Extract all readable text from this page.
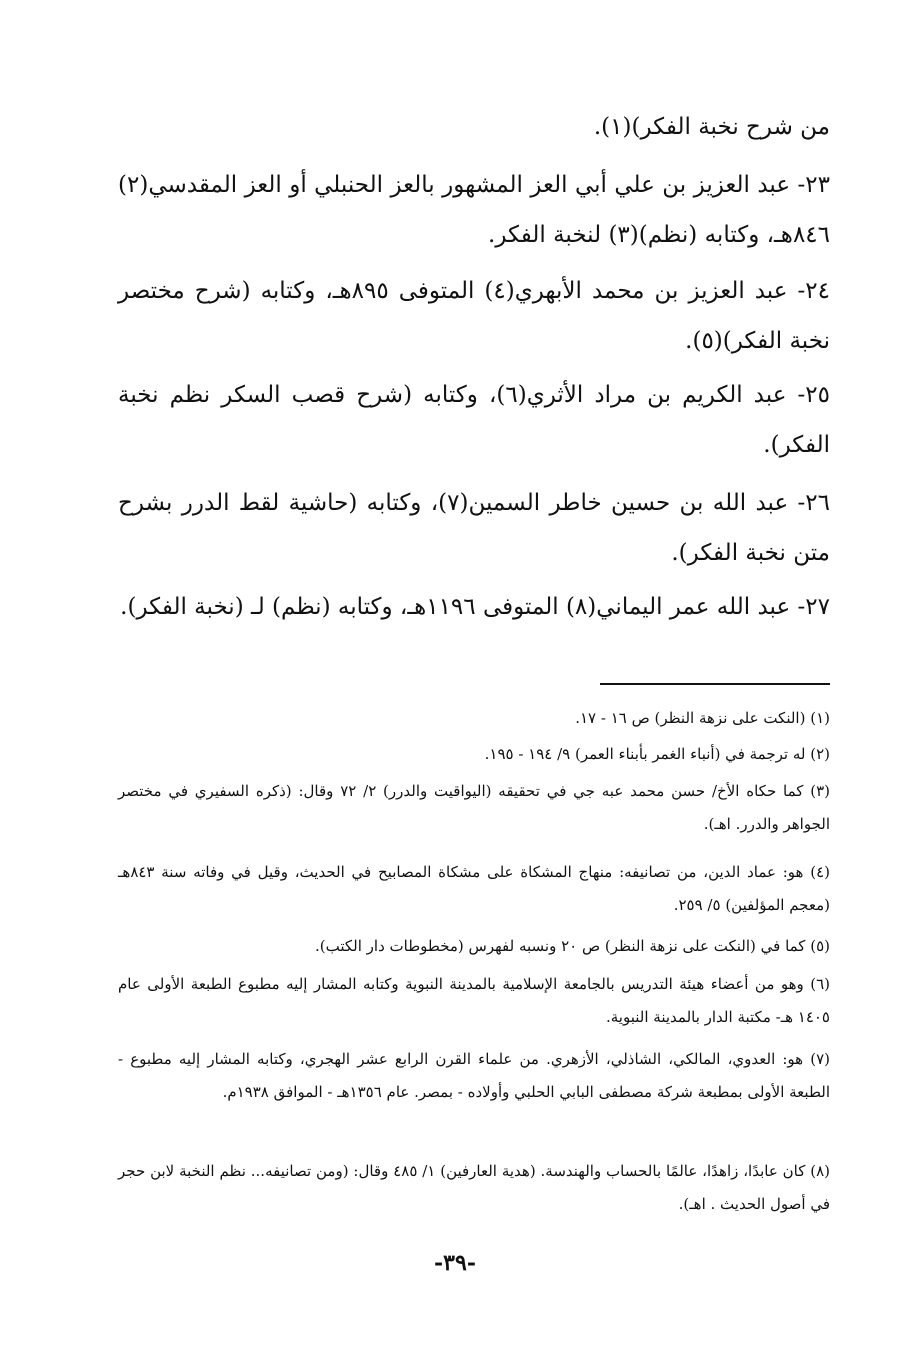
من شرح نخبة الفكر)(١).
٢٣- عبد العزيز بن علي أبي العز المشهور بالعز الحنبلي أو العز المقدسي(٢) ٨٤٦هـ، وكتابه (نظم)(٣) لنخبة الفكر.
٢٤- عبد العزيز بن محمد الأبهري(٤) المتوفى ٨٩٥هـ، وكتابه (شرح مختصر نخبة الفكر)(٥).
٢٥- عبد الكريم بن مراد الأثري(٦)، وكتابه (شرح قصب السكر نظم نخبة الفكر).
٢٦- عبد الله بن حسين خاطر السمين(٧)، وكتابه (حاشية لقط الدرر بشرح متن نخبة الفكر).
٢٧- عبد الله عمر اليماني(٨) المتوفى ١١٩٦هـ، وكتابه (نظم) لـ (نخبة الفكر).
(١) (النكت على نزهة النظر) ص ١٦ - ١٧.
(٢) له ترجمة في (أنباء الغمر بأبناء العمر) ٩/ ١٩٤ - ١٩٥.
(٣) كما حكاه الأخ/ حسن محمد عبه جي في تحقيقه (اليواقيت والدرر) ٢/ ٧٢ وقال: (ذكره السفيري في مختصر الجواهر والدرر. اهـ).
(٤) هو: عماد الدين، من تصانيفه: منهاج المشكاة على مشكاة المصابيح في الحديث، وقيل في وفاته سنة ٨٤٣هـ (معجم المؤلفين) ٥/ ٢٥٩.
(٥) كما في (النكت على نزهة النظر) ص ٢٠ ونسبه لفهرس (مخطوطات دار الكتب).
(٦) وهو من أعضاء هيئة التدريس بالجامعة الإسلامية بالمدينة النبوية وكتابه المشار إليه مطبوع الطبعة الأولى عام ١٤٠٥ هـ- مكتبة الدار بالمدينة النبوية.
(٧) هو: العدوي، المالكي، الشاذلي، الأزهري. من علماء القرن الرابع عشر الهجري، وكتابه المشار إليه مطبوع - الطبعة الأولى بمطبعة شركة مصطفى البابي الحلبي وأولاده - بمصر. عام ١٣٥٦هـ - الموافق ١٩٣٨م.
(٨) كان عابدًا، زاهدًا، عالمًا بالحساب والهندسة. (هدية العارفين) ١/ ٤٨٥ وقال: (ومن تصانيفه... نظم النخبة لابن حجر في أصول الحديث . اهـ).
-٣٩-
